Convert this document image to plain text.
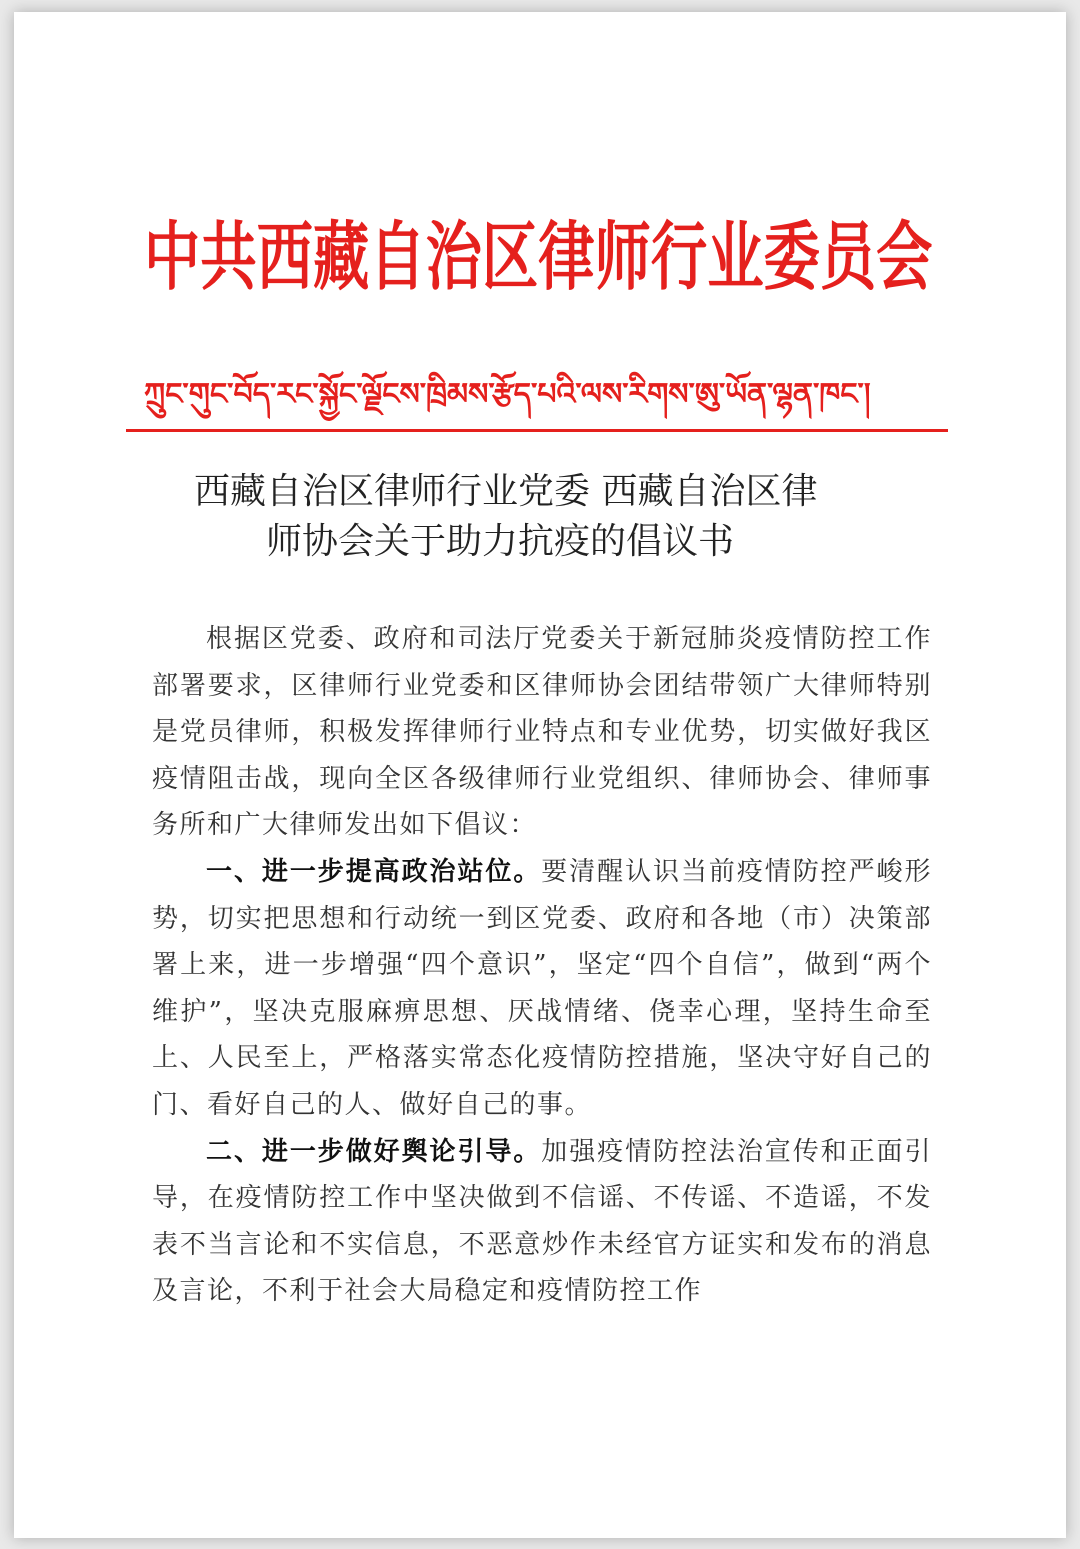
中共西藏自治区律师行业委员会
ཀྲུང་གུང་བོད་རང་སྐྱོང་ལྗོངས་ཁྲིམས་རྩོད་པའི་ལས་རིགས་ཨུ་ཡོན་ལྷན་ཁང་།
西藏自治区律师行业党委 西藏自治区律
师协会关于助力抗疫的倡议书

根据区党委、政府和司法厅党委关于新冠肺炎疫情防控工作部署要求，区律师行业党委和区律师协会团结带领广大律师特别是党员律师，积极发挥律师行业特点和专业优势，切实做好我区疫情阻击战，现向全区各级律师行业党组织、律师协会、律师事务所和广大律师发出如下倡议：

一、进一步提高政治站位。要清醒认识当前疫情防控严峻形势，切实把思想和行动统一到区党委、政府和各地（市）决策部署上来，进一步增强“四个意识”，坚定“四个自信”，做到“两个维护”，坚决克服麻痹思想、厌战情绪、侥幸心理，坚持生命至上、人民至上，严格落实常态化疫情防控措施，坚决守好自己的门、看好自己的人、做好自己的事。

二、进一步做好舆论引导。加强疫情防控法治宣传和正面引导，在疫情防控工作中坚决做到不信谣、不传谣、不造谣，不发表不当言论和不实信息，不恶意炒作未经官方证实和发布的消息及言论，不利于社会大局稳定和疫情防控工作
